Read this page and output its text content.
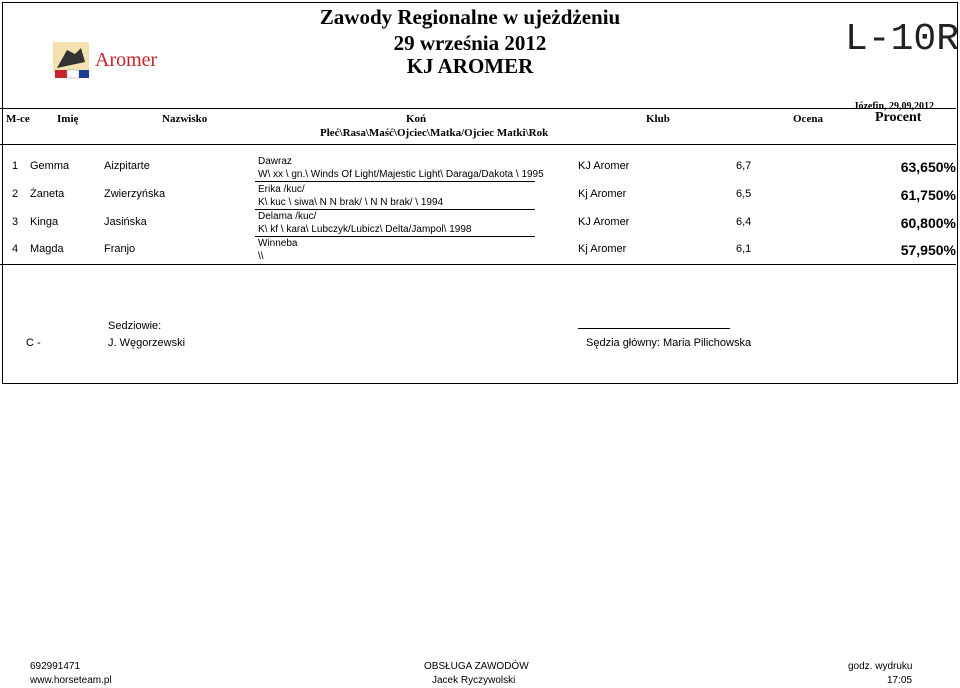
Aromer
Zawody Regionalne w ujeżdżeniu
29 września 2012
KJ AROMER
L-10R
Józefin, 29,09,2012
M-ce Imię	Nazwisko	Koń
Płeć\Rasa\Maść\Ojciec\Matka/Ojciec Matki\Rok
Klub	Ocena	Procent
1 Gemma	Aizpitarte	Dawraz
W\ xx \ gn.\ Winds Of Light/Majestic Light\ Daraga/Dakota \ 1995
KJ Aromer	6,7	63,650%
2 Żaneta	Zwierzyńska	Erika /kuc/
K\ kuc \ siwa\ N N brak/ \ N N brak/ \ 1994
Kj Aromer	6,5	61,750%
3 Kinga	Jasińska	Delama /kuc/
K\ kf \ kara\ Lubczyk/Lubicz\ Delta/Jampol\ 1998
KJ Aromer	6,4	60,800%
4 Magda	Franjo	Winneba
\\
Kj Aromer	6,1	57,950%
Sedziowie:
C -	J. Węgorzewski	Sędzia główny: Maria Pilichowska
692991471
www.horseteam.pl
OBSŁUGA ZAWODÓW
Jacek Ryczywolski
godz. wydruku
17:05
